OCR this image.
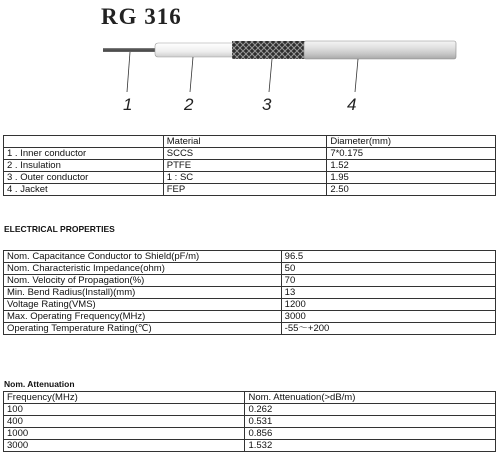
RG 316
1	2	3	4
	Material	Diameter(mm)
1 . Inner conductor	SCCS	7*0.175
2 . Insulation	PTFE	1.52
3 . Outer conductor	1 : SC	1.95
4 . Jacket	FEP	2.50
ELECTRICAL PROPERTIES
Nom. Capacitance Conductor to Shield(pF/m)	96.5
Nom. Characteristic Impedance(ohm)	50
Nom. Velocity of Propagation(%)	70
Min. Bend Radius(Install)(mm)	13
Voltage Rating(VMS)	1200
Max. Operating Frequency(MHz)	3000
Operating Temperature Rating(℃)	-55～+200
Nom. Attenuation
Frequency(MHz)	Nom. Attenuation(>dB/m)
100	0.262
400	0.531
1000	0.856
3000	1.532
